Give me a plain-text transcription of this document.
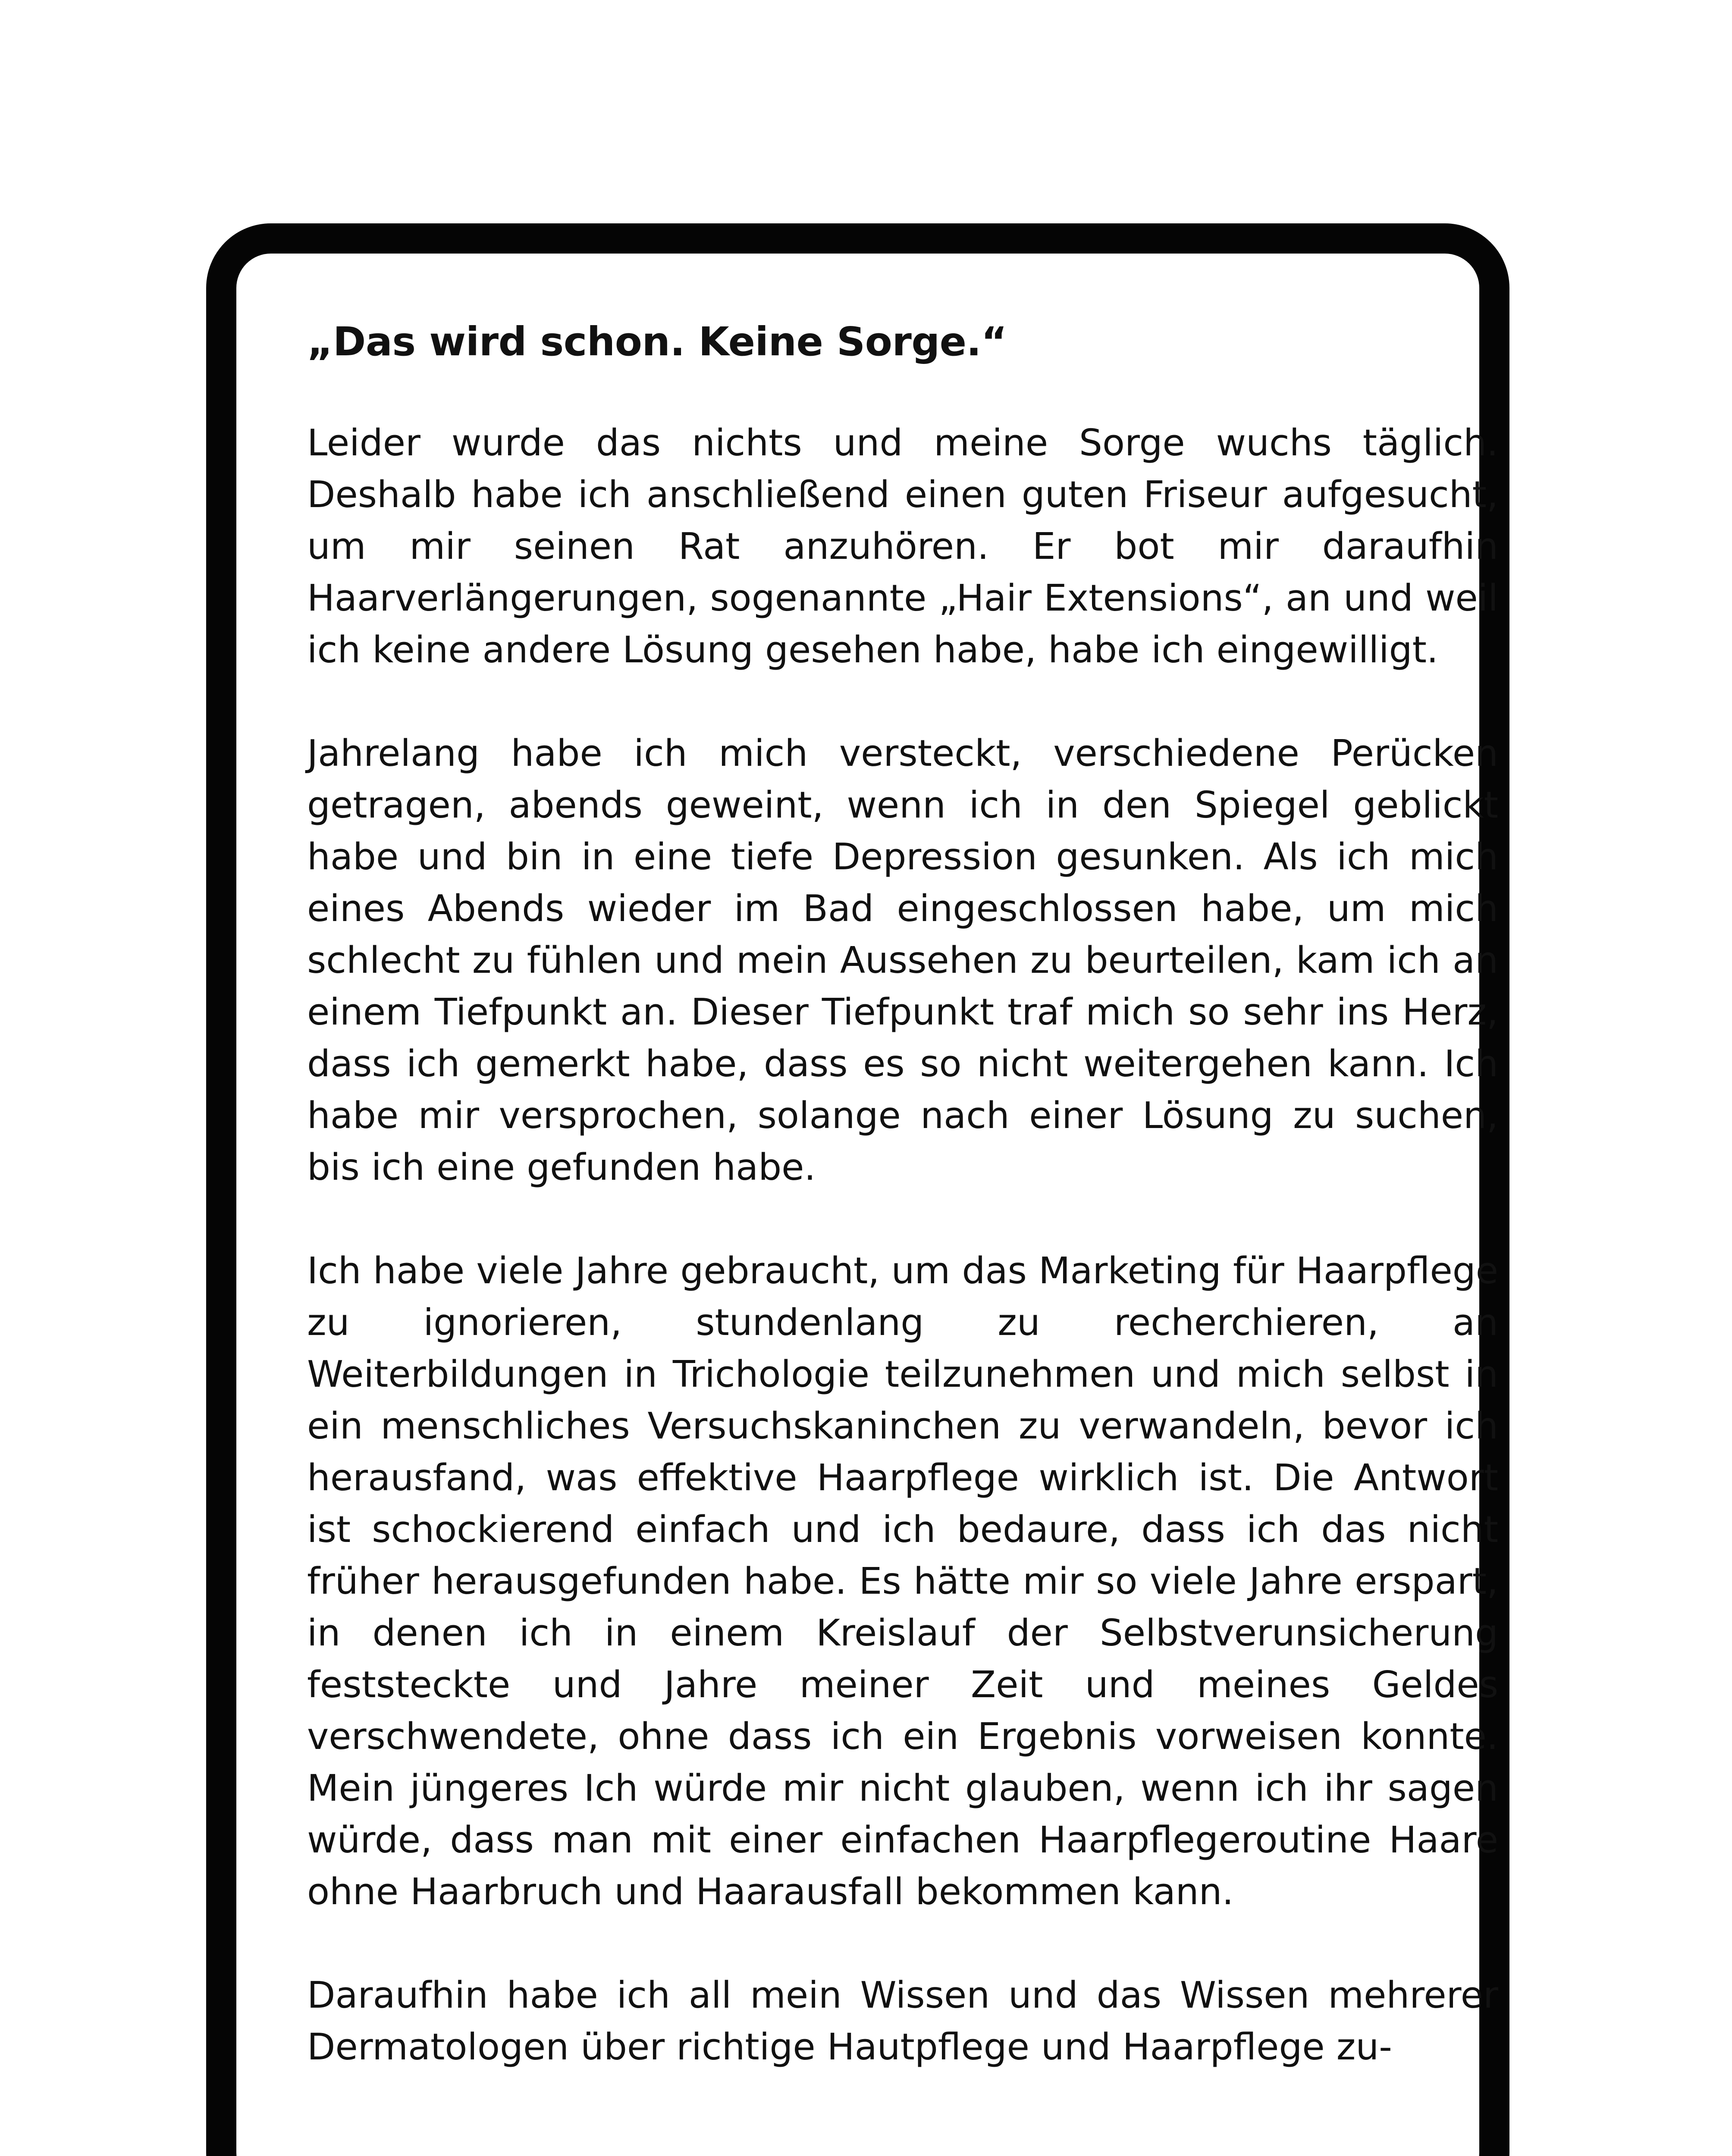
„Das wird schon. Keine Sorge.“

Leider wurde das nichts und meine Sorge wuchs täglich. Deshalb habe ich anschließend einen guten Friseur aufgesucht, um mir seinen Rat anzuhören. Er bot mir daraufhin Haarverlängerungen, sogenannte „Hair Extensions“, an und weil ich keine andere Lösung gesehen habe, habe ich eingewilligt.

Jahrelang habe ich mich versteckt, verschiedene Perücken getragen, abends geweint, wenn ich in den Spiegel geblickt habe und bin in eine tiefe Depression gesunken. Als ich mich eines Abends wieder im Bad eingeschlossen habe, um mich schlecht zu fühlen und mein Aussehen zu beurteilen, kam ich an einem Tiefpunkt an. Dieser Tiefpunkt traf mich so sehr ins Herz, dass ich gemerkt habe, dass es so nicht weitergehen kann. Ich habe mir versprochen, solange nach einer Lösung zu suchen, bis ich eine gefunden habe.

Ich habe viele Jahre gebraucht, um das Marketing für Haarpflege zu ignorieren, stundenlang zu recherchieren, an Weiterbildungen in Trichologie teilzunehmen und mich selbst in ein menschliches Versuchskaninchen zu verwandeln, bevor ich herausfand, was effektive Haarpflege wirklich ist. Die Antwort ist schockierend einfach und ich bedaure, dass ich das nicht früher herausgefunden habe. Es hätte mir so viele Jahre erspart, in denen ich in einem Kreislauf der Selbstverunsicherung feststeckte und Jahre meiner Zeit und meines Geldes verschwendete, ohne dass ich ein Ergebnis vorweisen konnte. Mein jüngeres Ich würde mir nicht glauben, wenn ich ihr sagen würde, dass man mit einer einfachen Haarpflegeroutine Haare ohne Haarbruch und Haarausfall bekommen kann.

Daraufhin habe ich all mein Wissen und das Wissen mehrerer Dermatologen über richtige Hautpflege und Haarpflege zu-
